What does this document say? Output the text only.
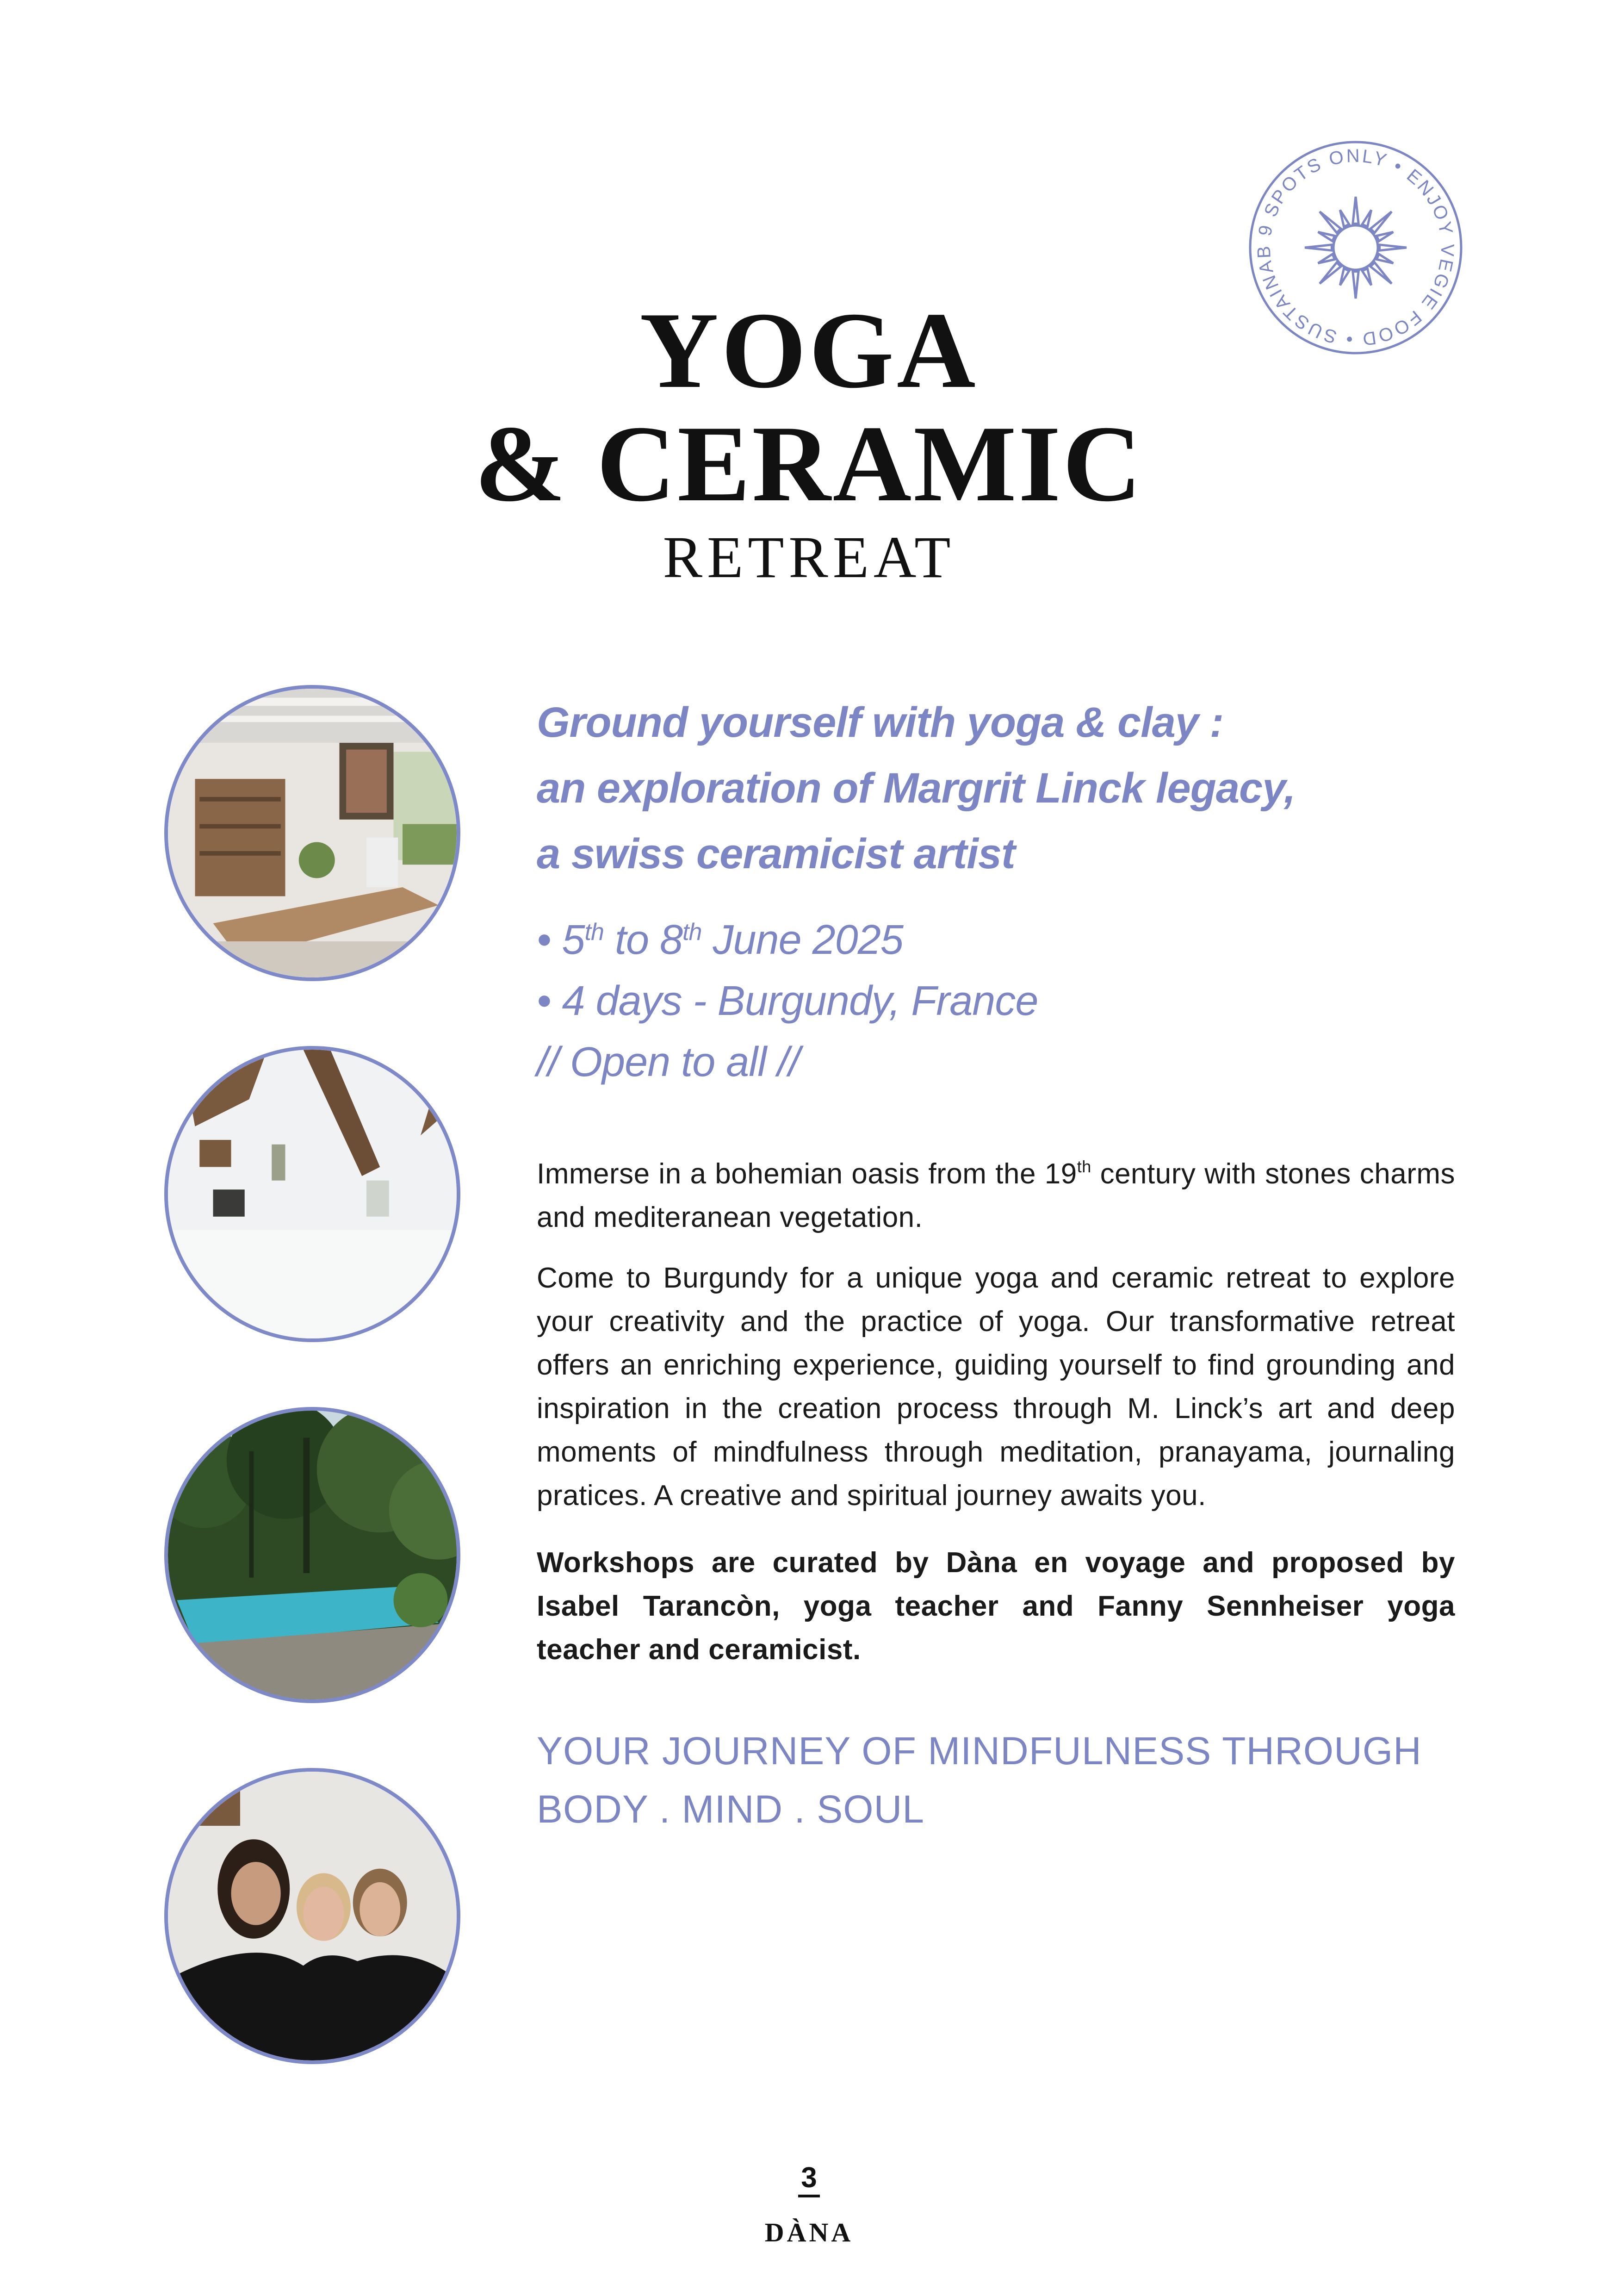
9 SPOTS ONLY • ENJOY VEGIE FOOD • SUSTAINAB
YOGA
& CERAMIC
RETREAT
Ground yourself with yoga & clay :
an exploration of Margrit Linck legacy,
a swiss ceramicist artist
• 5th to 8th June 2025
• 4 days - Burgundy, France
// Open to all //
Immerse in a bohemian oasis from the 19th century with stones charms and mediteranean vegetation.
Come to Burgundy for a unique yoga and ceramic retreat to explore your creativity and the practice of yoga. Our transformative retreat offers an enriching experience, guiding yourself to find grounding and inspiration in the creation process through M. Linck’s art and deep moments of mindfulness through meditation, pranayama, journaling pratices. A creative and spiritual journey awaits you.
Workshops are curated by Dàna en voyage and proposed by Isabel Tarancòn, yoga teacher and Fanny Sennheiser yoga teacher and ceramicist.
YOUR JOURNEY OF MINDFULNESS THROUGH
BODY . MIND . SOUL
3
DÀNA
